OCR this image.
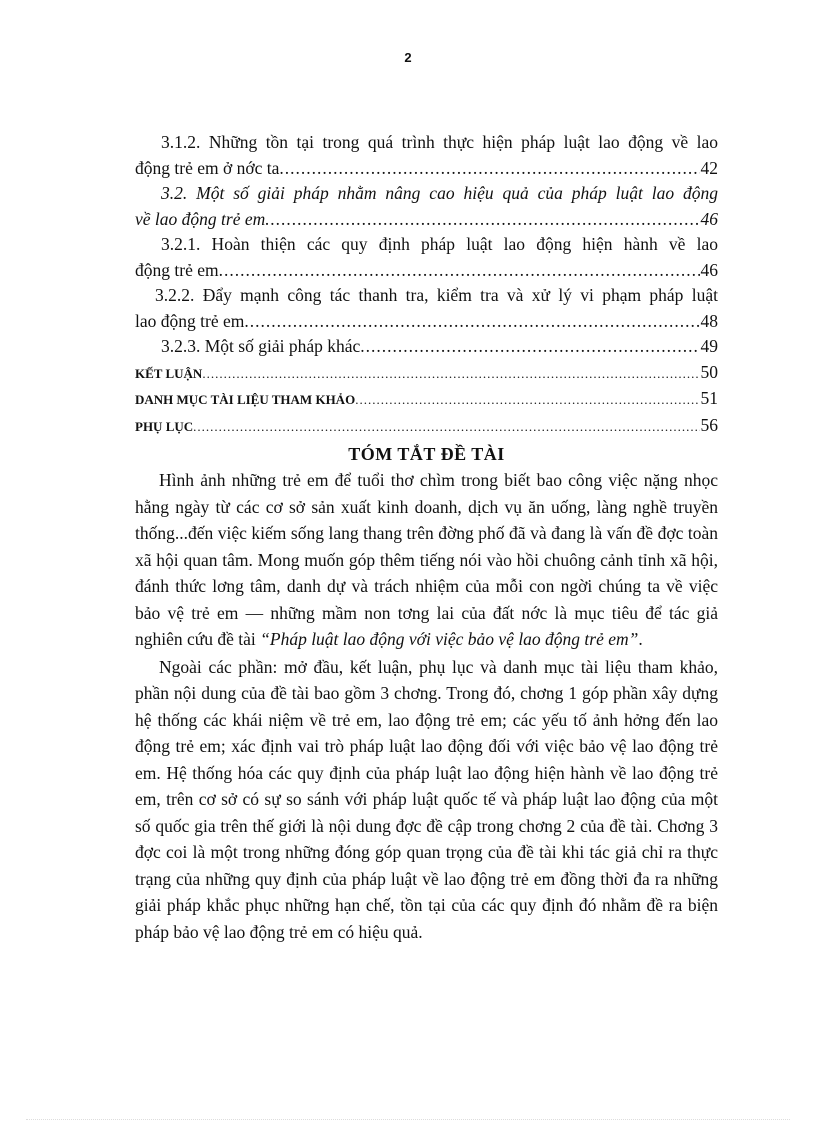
2
3.1.2. Những tồn tại trong quá trình thực hiện pháp luật lao động về lao
động trẻ em ở nớc ta .....	42
3.2. Một số giải pháp nhằm nâng cao hiệu quả của pháp luật lao động
về lao động trẻ em .....	46
3.2.1. Hoàn thiện các quy định pháp luật lao động hiện hành về lao
động trẻ em .....	46
3.2.2. Đẩy mạnh công tác thanh tra, kiểm tra và xử lý vi phạm pháp luật
lao động trẻ em .....	48
3.2.3. Một số giải pháp khác .....	49
KẾT LUẬN .....	50
DANH MỤC TÀI LIỆU THAM KHẢO .....	51
PHỤ LỤC .....	56
TÓM TẮT ĐỀ TÀI

Hình ảnh những trẻ em để tuổi thơ chìm trong biết bao công việc nặng nhọc hằng ngày từ các cơ sở sản xuất kinh doanh, dịch vụ ăn uống, làng nghề truyền thống...đến việc kiếm sống lang thang trên đờng phố đã và đang là vấn đề đợc toàn xã hội quan tâm. Mong muốn góp thêm tiếng nói vào hồi chuông cảnh tỉnh xã hội, đánh thức lơng tâm, danh dự và trách nhiệm của mỗi con ngời chúng ta về việc bảo vệ trẻ em — những mầm non tơng lai của đất nớc là mục tiêu để tác giả nghiên cứu đề tài “Pháp luật lao động với việc bảo vệ lao động trẻ em”.

Ngoài các phần: mở đầu, kết luận, phụ lục và danh mục tài liệu tham khảo, phần nội dung của đề tài bao gồm 3 chơng. Trong đó, chơng 1 góp phần xây dựng hệ thống các khái niệm về trẻ em, lao động trẻ em; các yếu tố ảnh hởng đến lao động trẻ em; xác định vai trò pháp luật lao động đối với việc bảo vệ lao động trẻ em. Hệ thống hóa các quy định của pháp luật lao động hiện hành về lao động trẻ em, trên cơ sở có sự so sánh với pháp luật quốc tế và pháp luật lao động của một số quốc gia trên thế giới là nội dung đợc đề cập trong chơng 2 của đề tài. Chơng 3 đợc coi là một trong những đóng góp quan trọng của đề tài khi tác giả chỉ ra thực trạng của những quy định của pháp luật về lao động trẻ em đồng thời đa ra những giải pháp khắc phục những hạn chế, tồn tại của các quy định đó nhằm đề ra biện pháp bảo vệ lao động trẻ em có hiệu quả.
